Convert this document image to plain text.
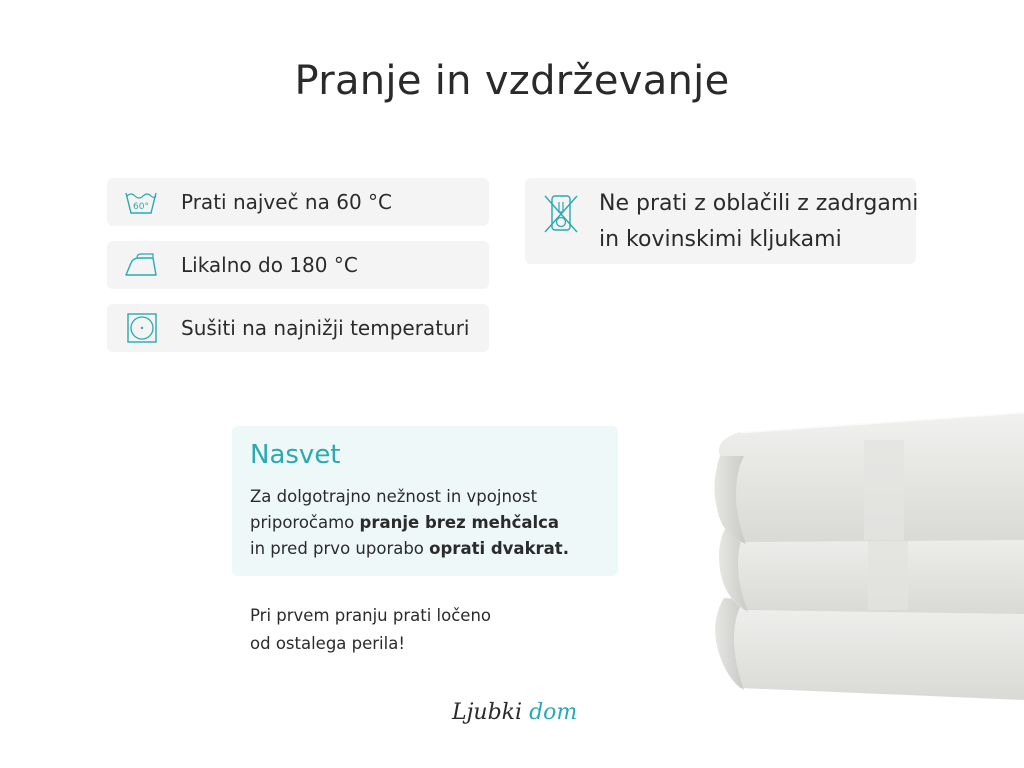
Pranje in vzdrževanje
60° Prati največ na 60 °C
Likalno do 180 °C
Sušiti na najnižji temperaturi
Ne prati z oblačili z zadrgami
in kovinskimi kljukami
Nasvet
Za dolgotrajno nežnost in vpojnost
priporočamo pranje brez mehčalca
in pred prvo uporabo oprati dvakrat.
Pri prvem pranju prati ločeno
od ostalega perila!
Ljubki dom
